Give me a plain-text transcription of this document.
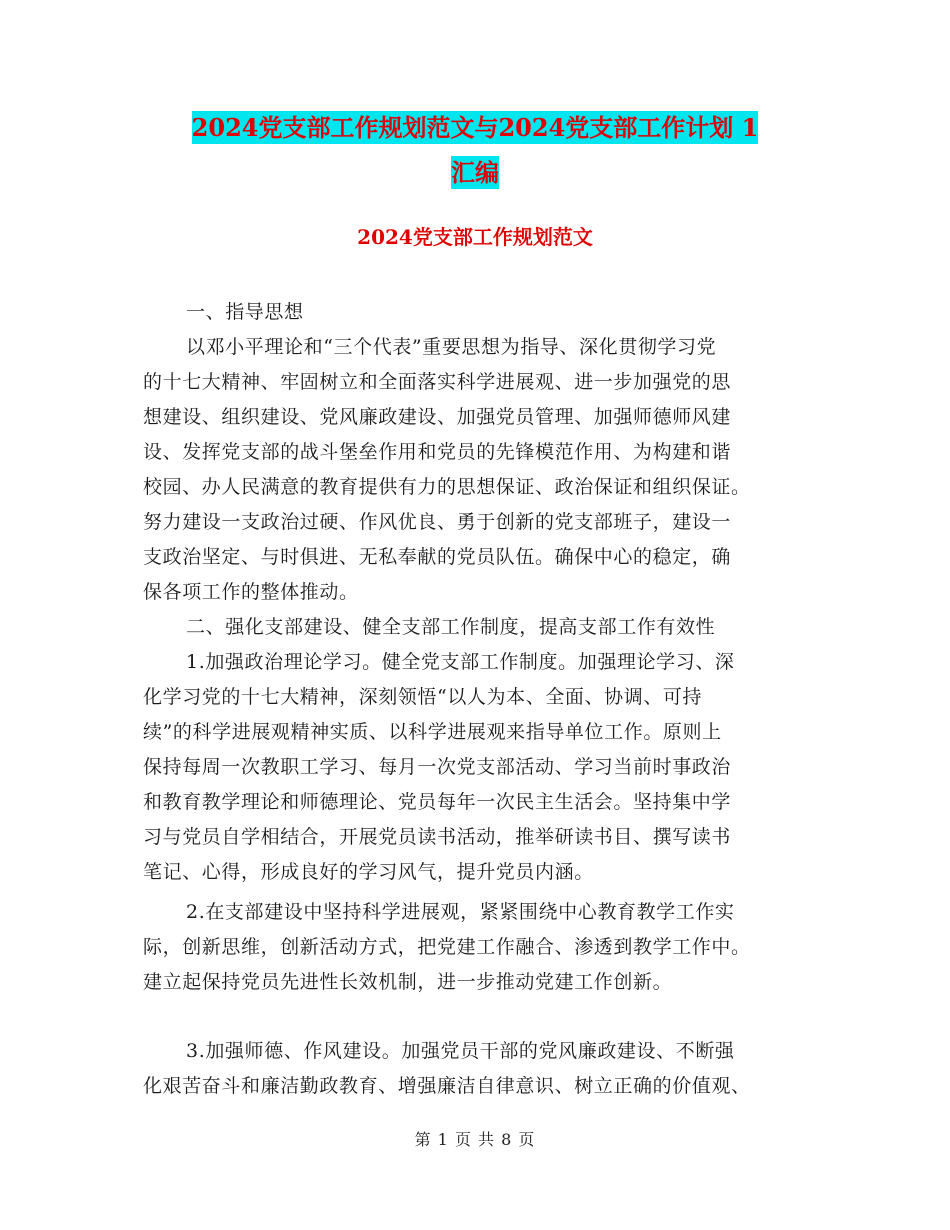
2024党支部工作规划范文与2024党支部工作计划 1
汇编
2024党支部工作规划范文

一、指导思想

以邓小平理论和“三个代表”重要思想为指导、深化贯彻学习党

的十七大精神、牢固树立和全面落实科学进展观、进一步加强党的思

想建设、组织建设、党风廉政建设、加强党员管理、加强师德师风建

设、发挥党支部的战斗堡垒作用和党员的先锋模范作用、为构建和谐

校园、办人民满意的教育提供有力的思想保证、政治保证和组织保证。

努力建设一支政治过硬、作风优良、勇于创新的党支部班子，建设一

支政治坚定、与时俱进、无私奉献的党员队伍。确保中心的稳定，确

保各项工作的整体推动。

二、强化支部建设、健全支部工作制度，提高支部工作有效性

1.加强政治理论学习。健全党支部工作制度。加强理论学习、深

化学习党的十七大精神，深刻领悟“以人为本、全面、协调、可持

续”的科学进展观精神实质、以科学进展观来指导单位工作。原则上

保持每周一次教职工学习、每月一次党支部活动、学习当前时事政治

和教育教学理论和师德理论、党员每年一次民主生活会。坚持集中学

习与党员自学相结合，开展党员读书活动，推举研读书目、撰写读书

笔记、心得，形成良好的学习风气，提升党员内涵。

2.在支部建设中坚持科学进展观，紧紧围绕中心教育教学工作实

际，创新思维，创新活动方式，把党建工作融合、渗透到教学工作中。

建立起保持党员先进性长效机制，进一步推动党建工作创新。

3.加强师德、作风建设。加强党员干部的党风廉政建设、不断强

化艰苦奋斗和廉洁勤政教育、增强廉洁自律意识、树立正确的价值观、

第 1 页 共 8 页
